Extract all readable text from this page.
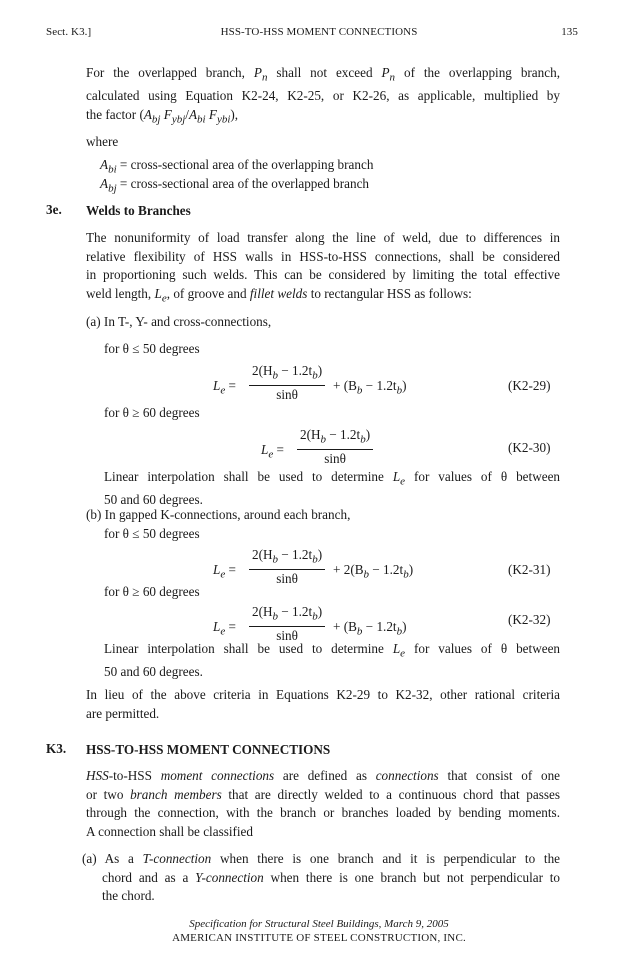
Sect. K3.]	HSS-TO-HSS MOMENT CONNECTIONS	135
For the overlapped branch, $P_n$ shall not exceed $P_n$ of the overlapping branch,
calculated using Equation K2-24, K2-25, or K2-26, as applicable, multiplied by
the factor ($A_{bj}$ $F_{ybj}/A_{bi}$ $F_{ybi}$),
where
$A_{bi}$ = cross-sectional area of the overlapping branch
$A_{bj}$ = cross-sectional area of the overlapped branch
3e. Welds to Branches
The nonuniformity of load transfer along the line of weld, due to differences in
relative flexibility of HSS walls in HSS-to-HSS connections, shall be considered
in proportioning such welds. This can be considered by limiting the total effective
weld length, $L_e$, of groove and fillet welds to rectangular HSS as follows:
(a) In T-, Y- and cross-connections,
for θ ≤ 50 degrees
$L_e = \frac{2(H_b - 1.2t_b)}{\sin\theta} + (B_b - 1.2t_b)$	(K2-29)
for θ ≥ 60 degrees
$L_e = \frac{2(H_b - 1.2t_b)}{\sin\theta}$	(K2-30)
Linear interpolation shall be used to determine $L_e$ for values of θ between
50 and 60 degrees.
(b) In gapped K-connections, around each branch,
for θ ≤ 50 degrees
$L_e = \frac{2(H_b - 1.2t_b)}{\sin\theta} + 2(B_b - 1.2t_b)$	(K2-31)
for θ ≥ 60 degrees
$L_e = \frac{2(H_b - 1.2t_b)}{\sin\theta} + (B_b - 1.2t_b)$	(K2-32)
Linear interpolation shall be used to determine $L_e$ for values of θ between
50 and 60 degrees.
In lieu of the above criteria in Equations K2-29 to K2-32, other rational criteria
are permitted.
K3. HSS-TO-HSS MOMENT CONNECTIONS
HSS-to-HSS moment connections are defined as connections that consist of one
or two branch members that are directly welded to a continuous chord that passes
through the connection, with the branch or branches loaded by bending moments.
A connection shall be classified
(a) As a T-connection when there is one branch and it is perpendicular to the
chord and as a Y-connection when there is one branch but not perpendicular to
the chord.
Specification for Structural Steel Buildings, March 9, 2005
AMERICAN INSTITUTE OF STEEL CONSTRUCTION, INC.
